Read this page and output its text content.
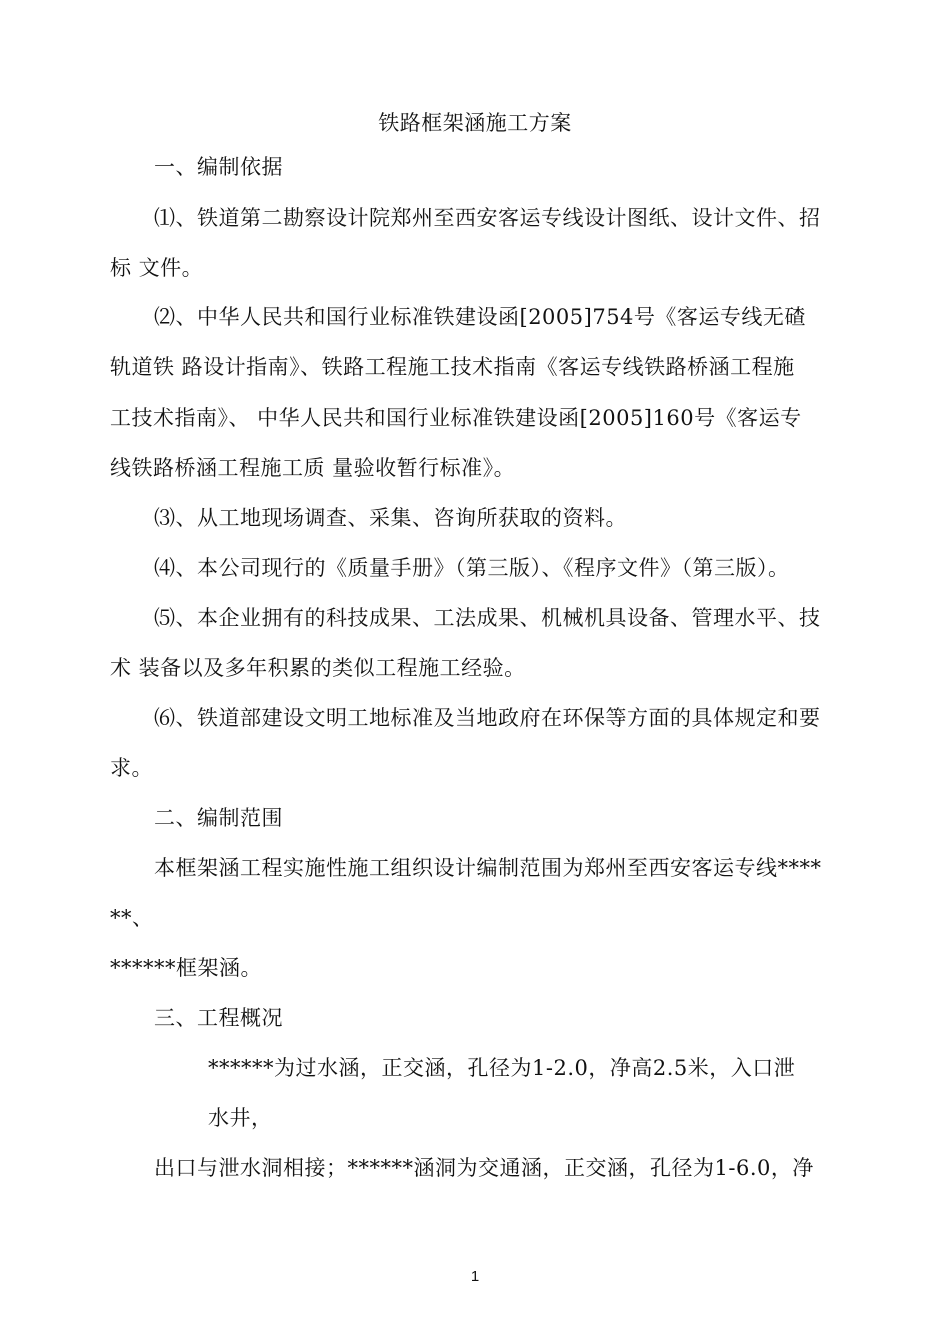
铁路框架涵施工方案
一、编制依据
⑴、铁道第二勘察设计院郑州至西安客运专线设计图纸、设计文件、招
标 文件。
⑵、中华人民共和国行业标准铁建设函[2005]754号《客运专线无碴
轨道铁 路设计指南》、铁路工程施工技术指南《客运专线铁路桥涵工程施
工技术指南》、 中华人民共和国行业标准铁建设函[2005]160号《客运专
线铁路桥涵工程施工质 量验收暂行标准》。
⑶、从工地现场调查、采集、咨询所获取的资料。
⑷、本公司现行的《质量手册》（第三版）、《程序文件》（第三版）。
⑸、本企业拥有的科技成果、工法成果、机械机具设备、管理水平、技
术 装备以及多年积累的类似工程施工经验。
⑹、铁道部建设文明工地标准及当地政府在环保等方面的具体规定和要
求。
二、编制范围
本框架涵工程实施性施工组织设计编制范围为郑州至西安客运专线****
**、
******框架涵。
三、工程概况
******为过水涵，正交涵，孔径为1-2.0，净高2.5米，入口泄
水井，
出口与泄水洞相接；******涵洞为交通涵，正交涵，孔径为1-6.0，净
1
